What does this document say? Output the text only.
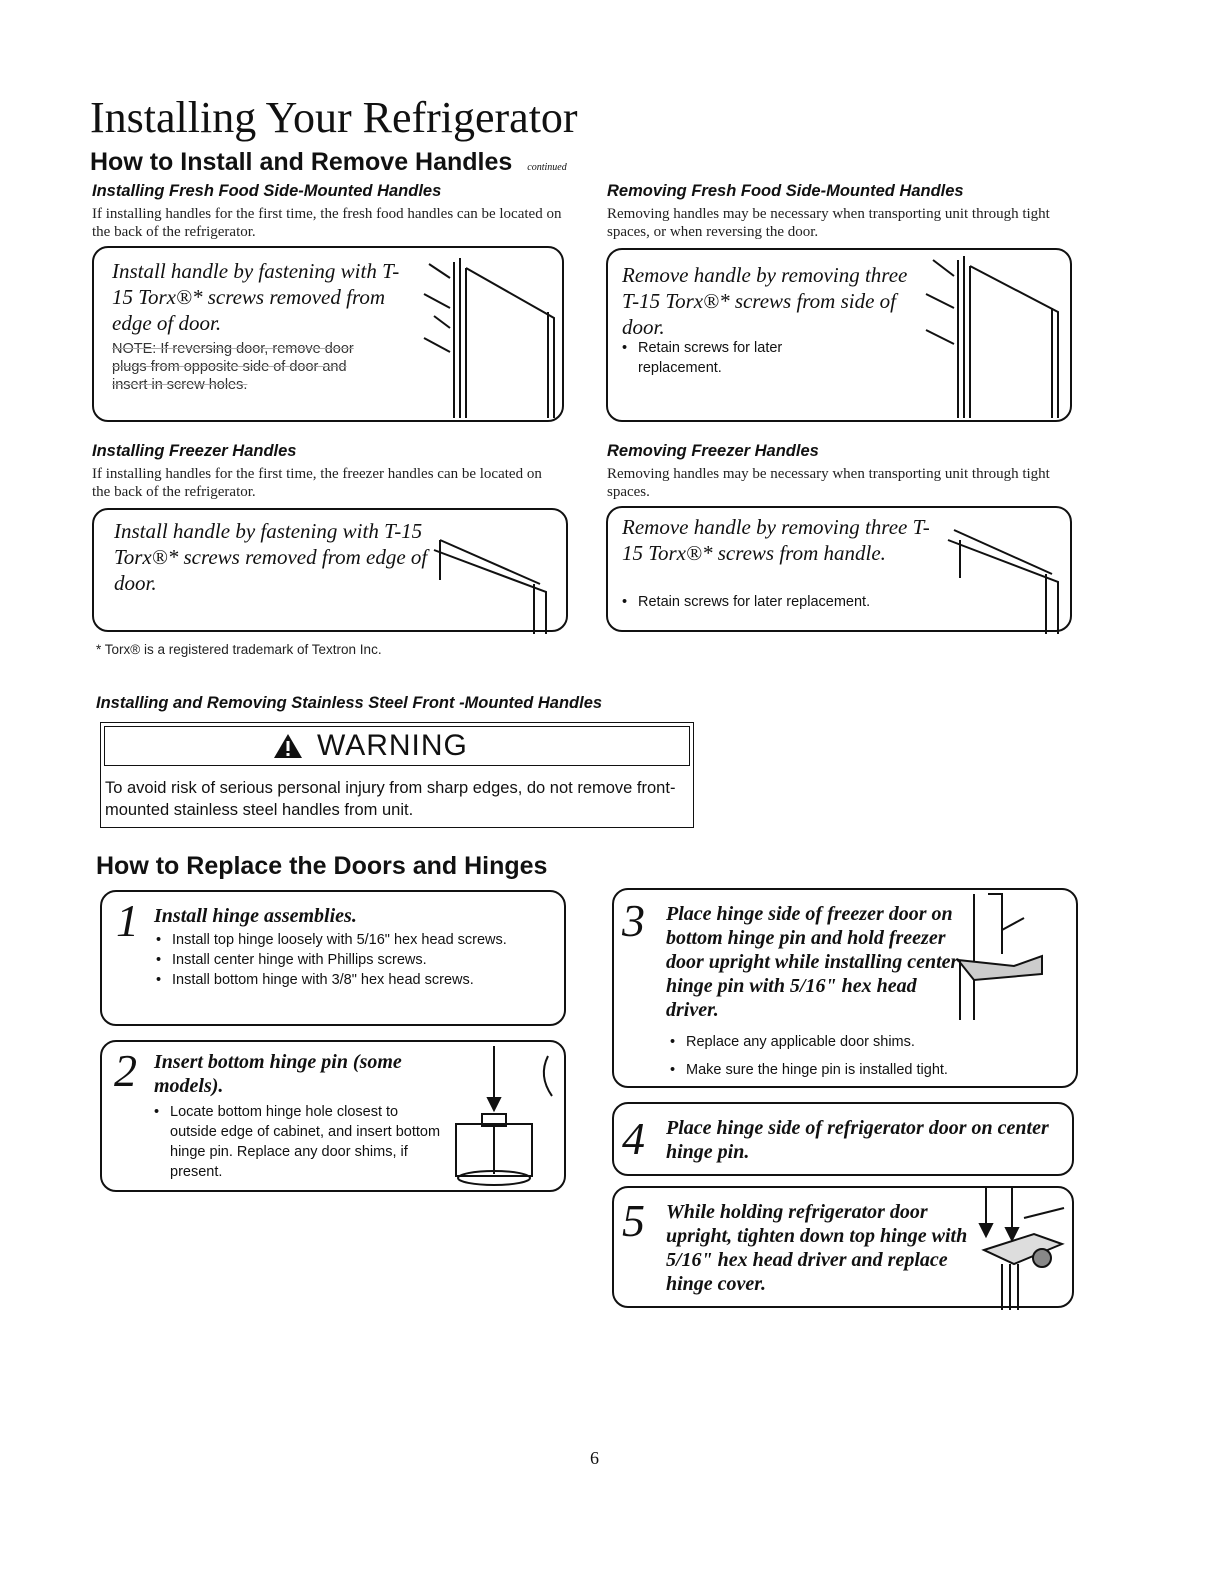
Installing Your Refrigerator
How to Install and Remove Handles continued
Installing Fresh Food Side-Mounted Handles
If installing handles for the first time, the fresh food handles can be located on the back of the refrigerator.
Install handle by fastening with T-15 Torx®* screws removed from edge of door.
NOTE: If reversing door, remove door plugs from opposite side of door and insert in screw holes.
Removing Fresh Food Side-Mounted Handles
Removing handles may be necessary when transporting unit through tight spaces, or when reversing the door.
Remove handle by removing three T-15 Torx®* screws from side of door.
• Retain screws for later replacement.
Installing Freezer Handles
If installing handles for the first time, the freezer handles can be located on the back of the refrigerator.
Install handle by fastening with T-15 Torx®* screws removed from edge of door.
Removing Freezer Handles
Removing handles may be necessary when transporting unit through tight spaces.
Remove handle by removing three T-15 Torx®* screws from handle.
• Retain screws for later replacement.
* Torx® is a registered trademark of Textron Inc.
Installing and Removing Stainless Steel Front -Mounted Handles
WARNING
To avoid risk of serious personal injury from sharp edges, do not remove front-mounted stainless steel handles from unit.
How to Replace the Doors and Hinges
1 Install hinge assemblies.
• Install top hinge loosely with 5/16" hex head screws.
• Install center hinge with Phillips screws.
• Install bottom hinge with 3/8" hex head screws.
2 Insert bottom hinge pin (some models).
• Locate bottom hinge hole closest to outside edge of cabinet, and insert bottom hinge pin. Replace any door shims, if present.
3 Place hinge side of freezer door on bottom hinge pin and hold freezer door upright while installing center hinge pin with 5/16" hex head driver.
• Replace any applicable door shims.
• Make sure the hinge pin is installed tight.
4 Place hinge side of refrigerator door on center hinge pin.
5 While holding refrigerator door upright, tighten down top hinge with 5/16" hex head driver and replace hinge cover.
6
